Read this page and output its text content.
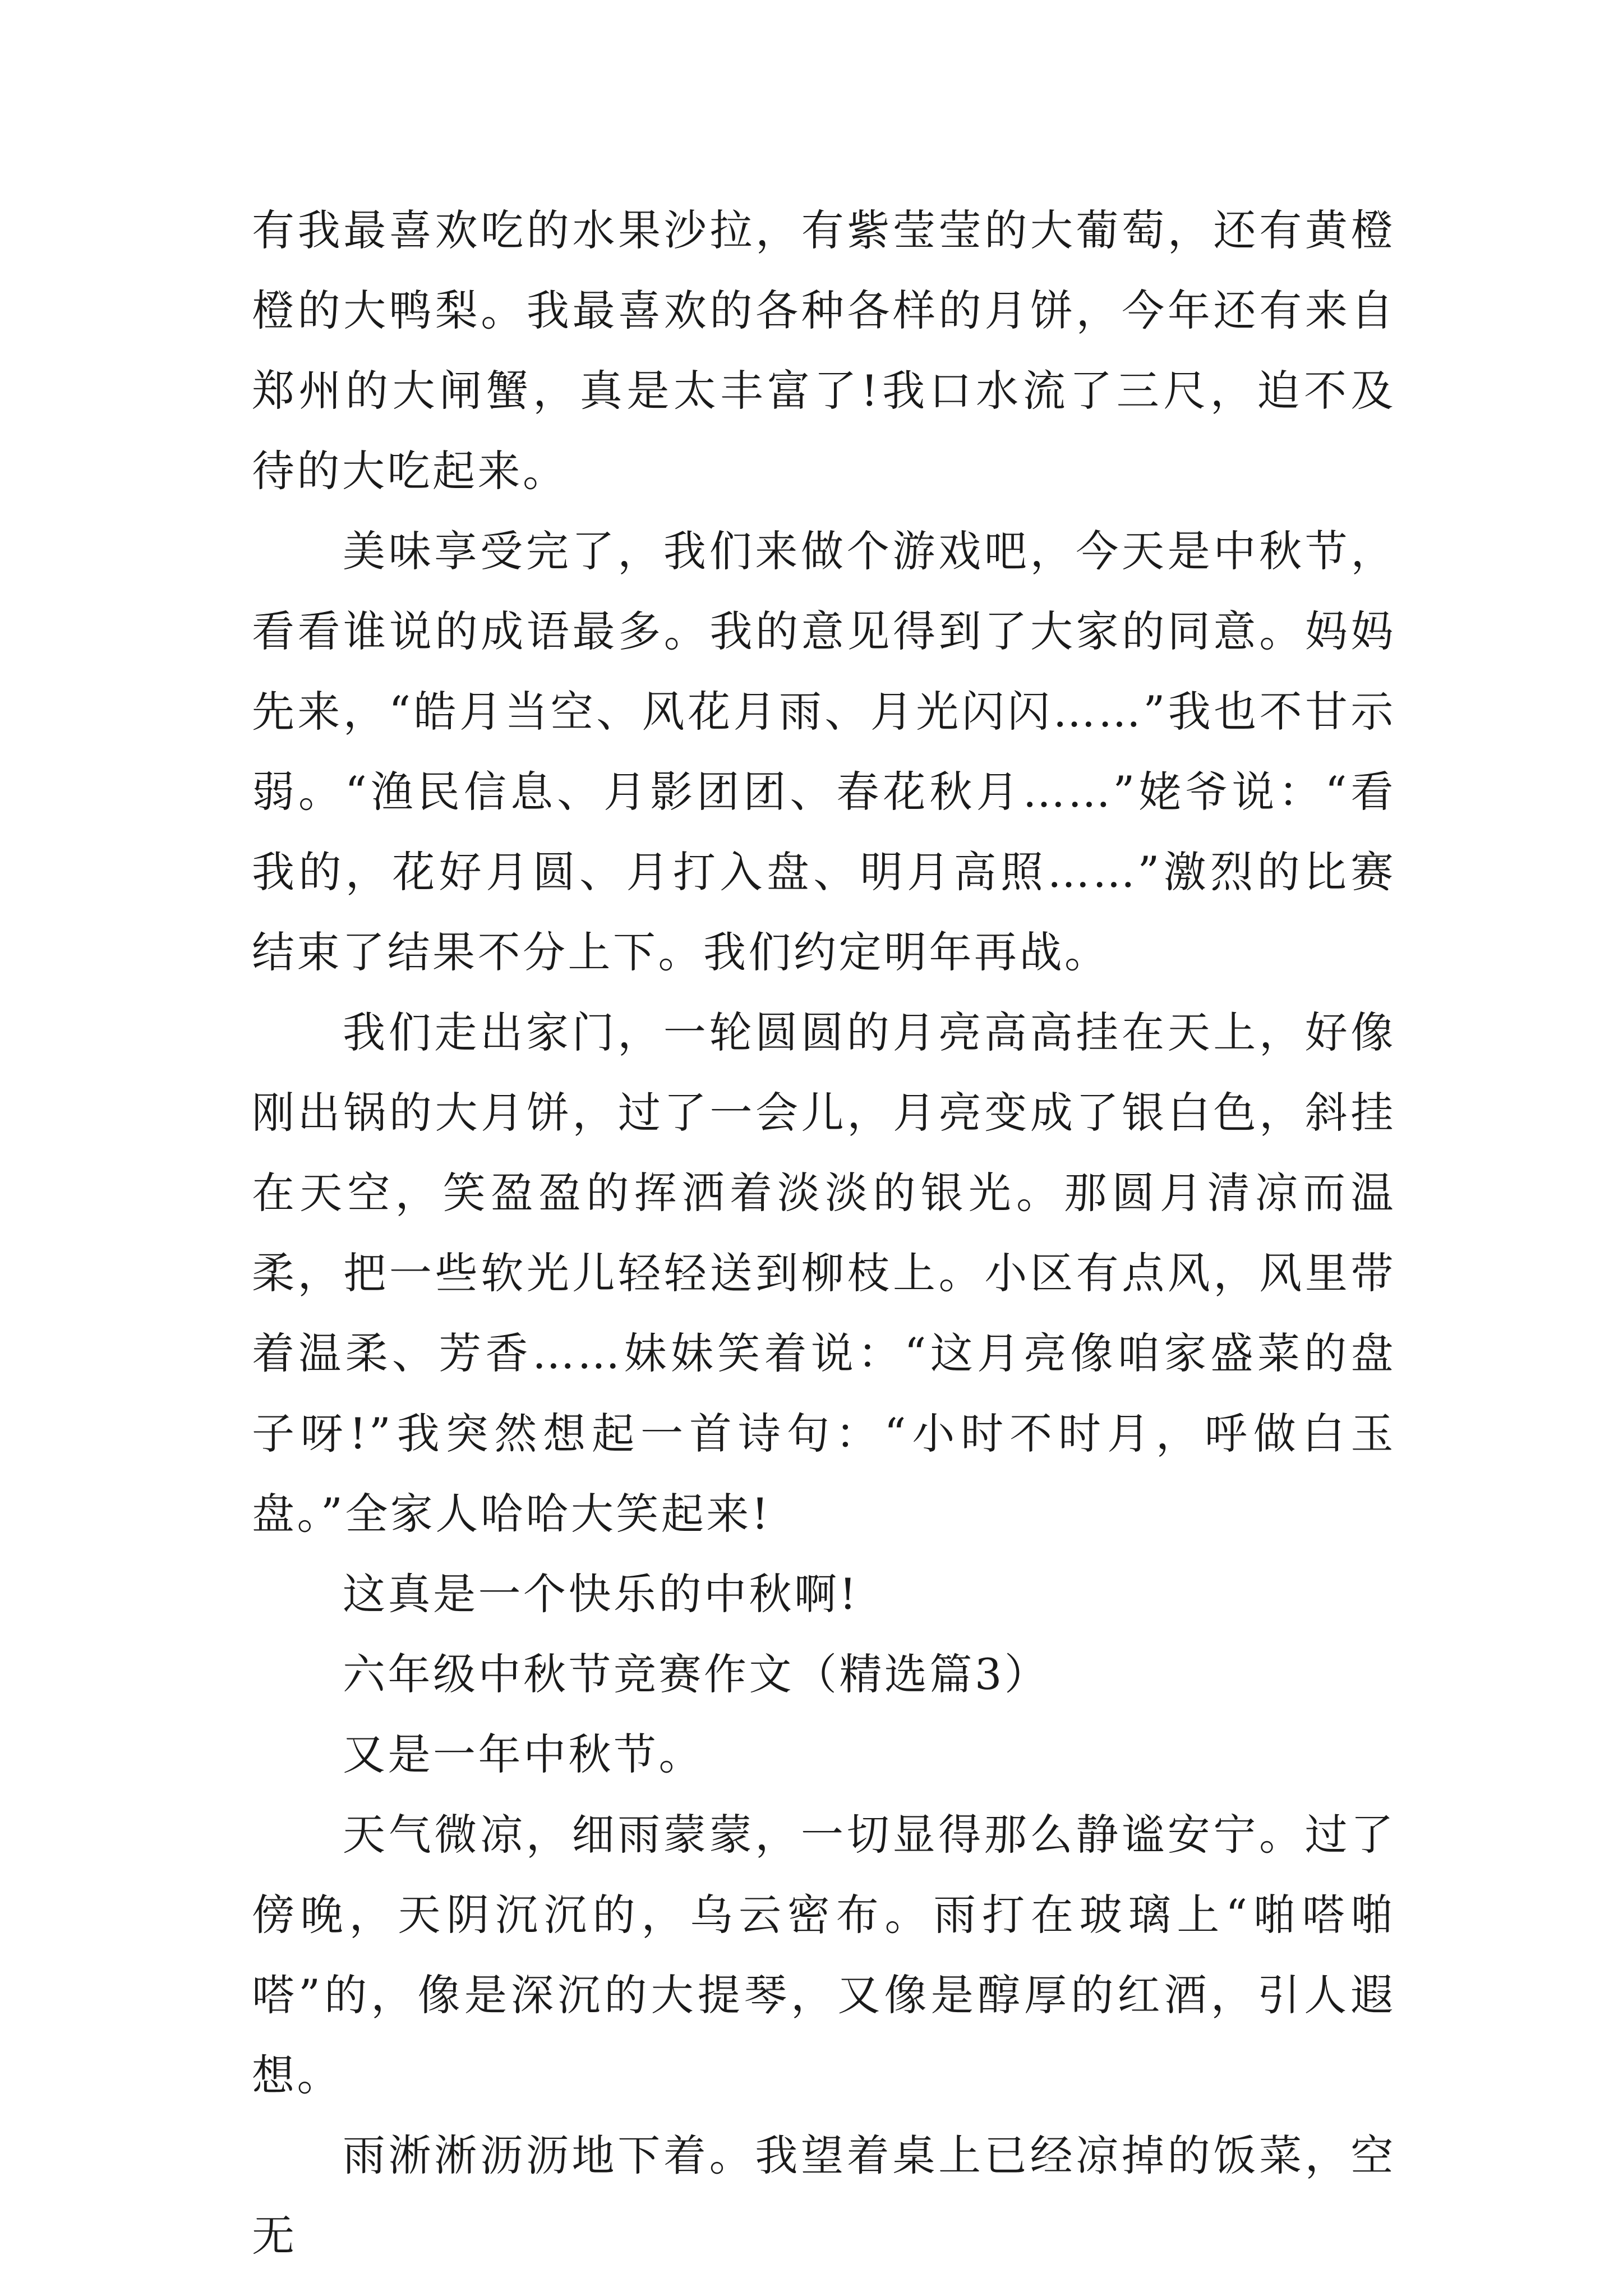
有我最喜欢吃的水果沙拉，有紫莹莹的大葡萄，还有黄橙橙的大鸭梨。我最喜欢的各种各样的月饼，今年还有来自郑州的大闸蟹，真是太丰富了!我口水流了三尺，迫不及待的大吃起来。

美味享受完了，我们来做个游戏吧，今天是中秋节，看看谁说的成语最多。我的意见得到了大家的同意。妈妈先来，“皓月当空、风花月雨、月光闪闪……”我也不甘示弱。“渔民信息、月影团团、春花秋月……”姥爷说：“看我的，花好月圆、月打入盘、明月高照……”激烈的比赛结束了结果不分上下。我们约定明年再战。

我们走出家门，一轮圆圆的月亮高高挂在天上，好像刚出锅的大月饼，过了一会儿，月亮变成了银白色，斜挂在天空，笑盈盈的挥洒着淡淡的银光。那圆月清凉而温柔，把一些软光儿轻轻送到柳枝上。小区有点风，风里带着温柔、芳香……妹妹笑着说：“这月亮像咱家盛菜的盘子呀!”我突然想起一首诗句：“小时不时月，呼做白玉盘。”全家人哈哈大笑起来!

这真是一个快乐的中秋啊!

六年级中秋节竞赛作文（精选篇3）

又是一年中秋节。

天气微凉，细雨蒙蒙，一切显得那么静谧安宁。过了傍晚，天阴沉沉的，乌云密布。雨打在玻璃上“啪嗒啪嗒”的，像是深沉的大提琴，又像是醇厚的红酒，引人遐想。

雨淅淅沥沥地下着。我望着桌上已经凉掉的饭菜，空无
